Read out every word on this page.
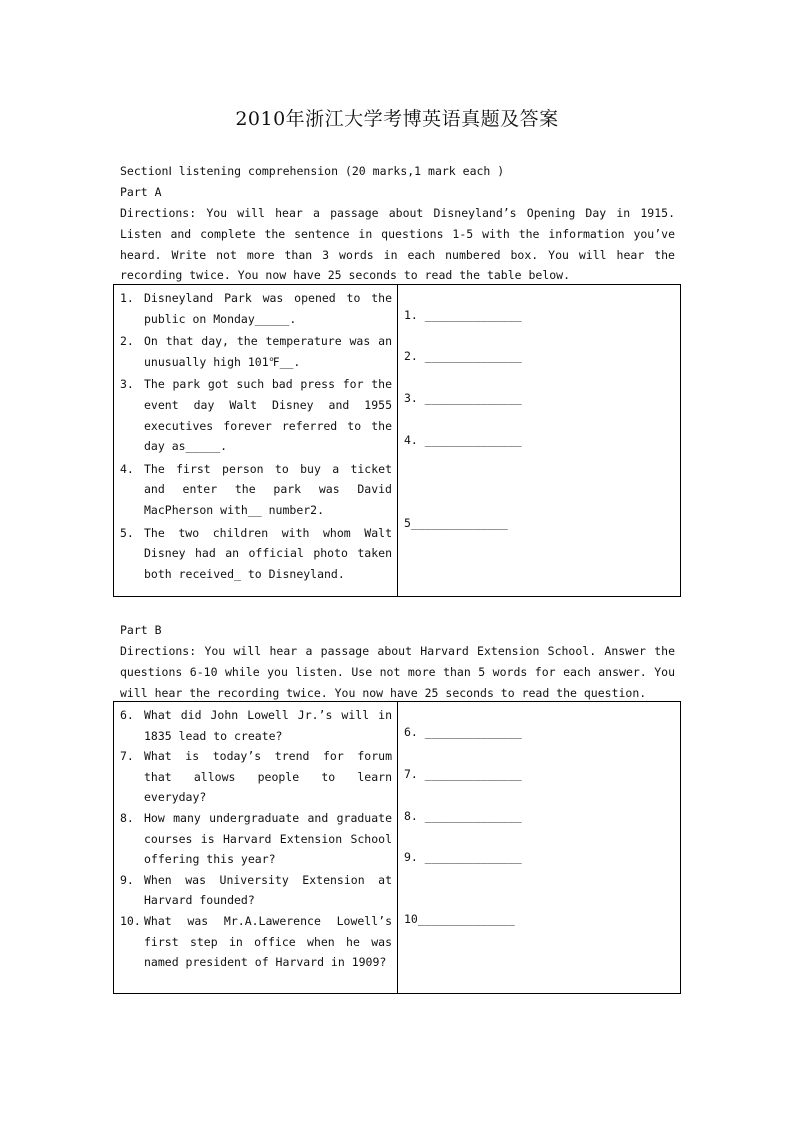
2010年浙江大学考博英语真题及答案

SectionⅠ listening comprehension (20 marks,1 mark each )

Part A

Directions: You will hear a passage about Disneyland’s Opening Day in 1915. Listen and complete the sentence in questions 1-5 with the information you’ve heard. Write not more than 3 words in each numbered box. You will hear the recording twice. You now have 25 seconds to read the table below.

1. Disneyland Park was opened to the public on Monday_____.
2. On that day, the temperature was an unusually high 101℉__.
3. The park got such bad press for the event day Walt Disney and 1955 executives forever referred to the day as_____.
4. The first person to buy a ticket and enter the park was David MacPherson with__ number2.
5. The two children with whom Walt Disney had an official photo taken both received_ to Disneyland.
1. ______________
2. ______________
3. ______________
4. ______________
5______________

Part B

Directions: You will hear a passage about Harvard Extension School. Answer the questions 6-10 while you listen. Use not more than 5 words for each answer. You will hear the recording twice. You now have 25 seconds to read the question.

6. What did John Lowell Jr.’s will in 1835 lead to create?
7. What is today’s trend for forum that allows people to learn everyday?
8. How many undergraduate and graduate courses is Harvard Extension School offering this year?
9. When was University Extension at Harvard founded?
10. What was Mr.A.Lawerence Lowell’s first step in office when he was named president of Harvard in 1909?
6. ______________
7. ______________
8. ______________
9. ______________
10______________
